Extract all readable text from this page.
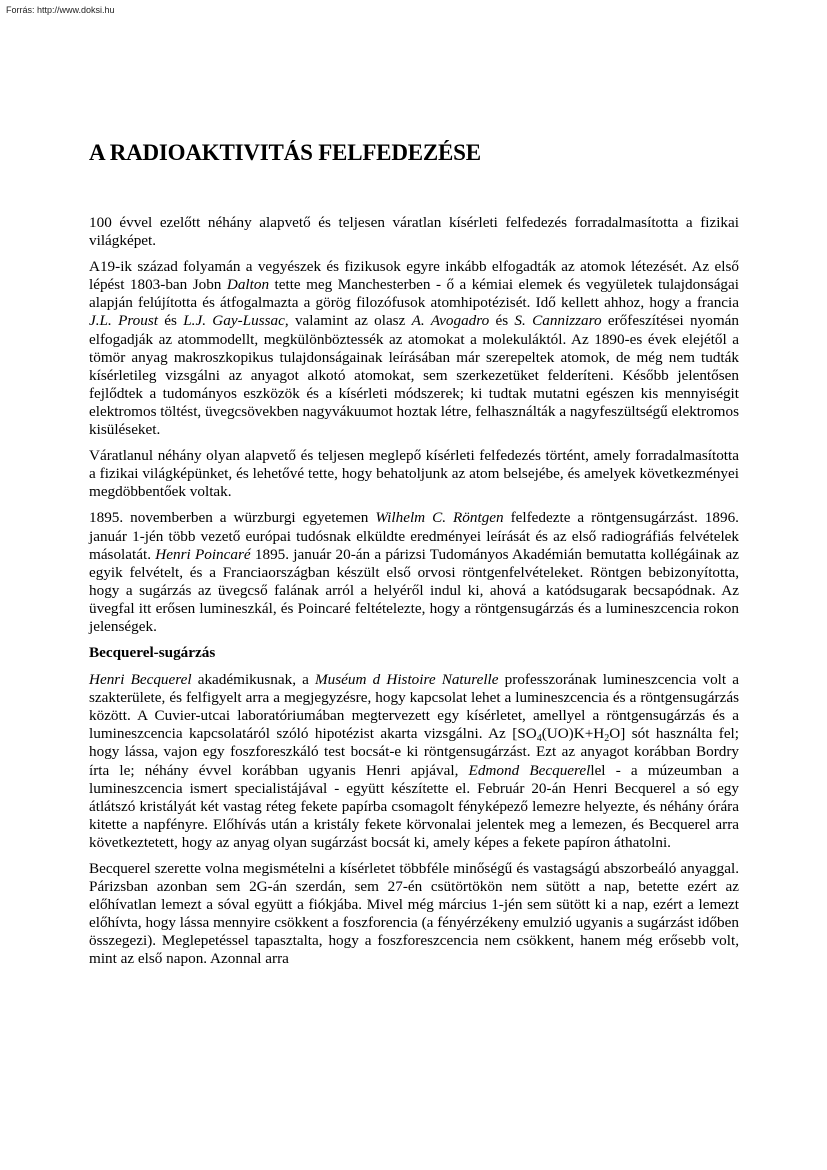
Forrás: http://www.doksi.hu
A RADIOAKTIVITÁS FELFEDEZÉSE

100 évvel ezelőtt néhány alapvető és teljesen váratlan kísérleti felfedezés forradalmasította a fizikai világképet.

A19-ik század folyamán a vegyészek és fizikusok egyre inkább elfogadták az atomok létezését. Az első lépést 1803-ban Jobn Dalton tette meg Manchesterben - ő a kémiai elemek és vegyületek tulajdonságai alapján felújította és átfogalmazta a görög filozófusok atomhipotézisét. Idő kellett ahhoz, hogy a francia J.L. Proust és L.J. Gay-Lussac, valamint az olasz A. Avogadro és S. Cannizzaro erőfeszítései nyomán elfogadják az atommodellt, megkülönböztessék az atomokat a molekuláktól. Az 1890-es évek elejétől a tömör anyag makroszkopikus tulajdonságainak leírásában már szerepeltek atomok, de még nem tudták kísérletileg vizsgálni az anyagot alkotó atomokat, sem szerkezetüket felderíteni. Később jelentősen fejlődtek a tudományos eszközök és a kísérleti módszerek; ki tudtak mutatni egészen kis mennyiségit elektromos töltést, üvegcsövekben nagyvákuumot hoztak létre, felhasználták a nagyfeszültségű elektromos kisüléseket.

Váratlanul néhány olyan alapvető és teljesen meglepő kísérleti felfedezés történt, amely forradalmasította a fizikai világképünket, és lehetővé tette, hogy behatoljunk az atom belsejébe, és amelyek következményei megdöbbentőek voltak.

1895. novemberben a würzburgi egyetemen Wilhelm C. Röntgen felfedezte a röntgensugárzást. 1896. január 1-jén több vezető európai tudósnak elküldte eredményei leírását és az első radiográfiás felvételek másolatát. Henri Poincaré 1895. január 20-án a párizsi Tudományos Akadémián bemutatta kollégáinak az egyik felvételt, és a Franciaországban készült első orvosi röntgenfelvételeket. Röntgen bebizonyította, hogy a sugárzás az üvegcső falának arról a helyéről indul ki, ahová a katódsugarak becsapódnak. Az üvegfal itt erősen lumineszkál, és Poincaré feltételezte, hogy a röntgensugárzás és a lumineszcencia rokon jelenségek.

Becquerel-sugárzás

Henri Becquerel akadémikusnak, a Muséum d Histoire Naturelle professzorának lumineszcencia volt a szakterülete, és felfigyelt arra a megjegyzésre, hogy kapcsolat lehet a lumineszcencia és a röntgensugárzás között. A Cuvier-utcai laboratóriumában megtervezett egy kísérletet, amellyel a röntgensugárzás és a lumineszcencia kapcsolatáról szóló hipotézist akarta vizsgálni. Az $[SO_4(UO)K+H_2O]$ sót használta fel; hogy lássa, vajon egy foszforeszkáló test bocsát-e ki röntgensugárzást. Ezt az anyagot korábban Bordry írta le; néhány évvel korábban ugyanis Henri apjával, Edmond Becquerellel - a múzeumban a lumineszcencia ismert specialistájával - együtt készítette el. Február 20-án Henri Becquerel a só egy átlátszó kristályát két vastag réteg fekete papírba csomagolt fényképező lemezre helyezte, és néhány órára kitette a napfényre. Előhívás után a kristály fekete körvonalai jelentek meg a lemezen, és Becquerel arra következtetett, hogy az anyag olyan sugárzást bocsát ki, amely képes a fekete papíron áthatolni.

Becquerel szerette volna megismételni a kísérletet többféle minőségű és vastagságú abszorbeáló anyaggal. Párizsban azonban sem 2G-án szerdán, sem 27-én csütörtökön nem sütött a nap, betette ezért az előhívatlan lemezt a sóval együtt a fiókjába. Mivel még március 1-jén sem sütött ki a nap, ezért a lemezt előhívta, hogy lássa mennyire csökkent a foszforencia (a fényérzékeny emulzió ugyanis a sugárzást időben összegezi). Meglepetéssel tapasztalta, hogy a foszforeszcencia nem csökkent, hanem még erősebb volt, mint az első napon. Azonnal arra
